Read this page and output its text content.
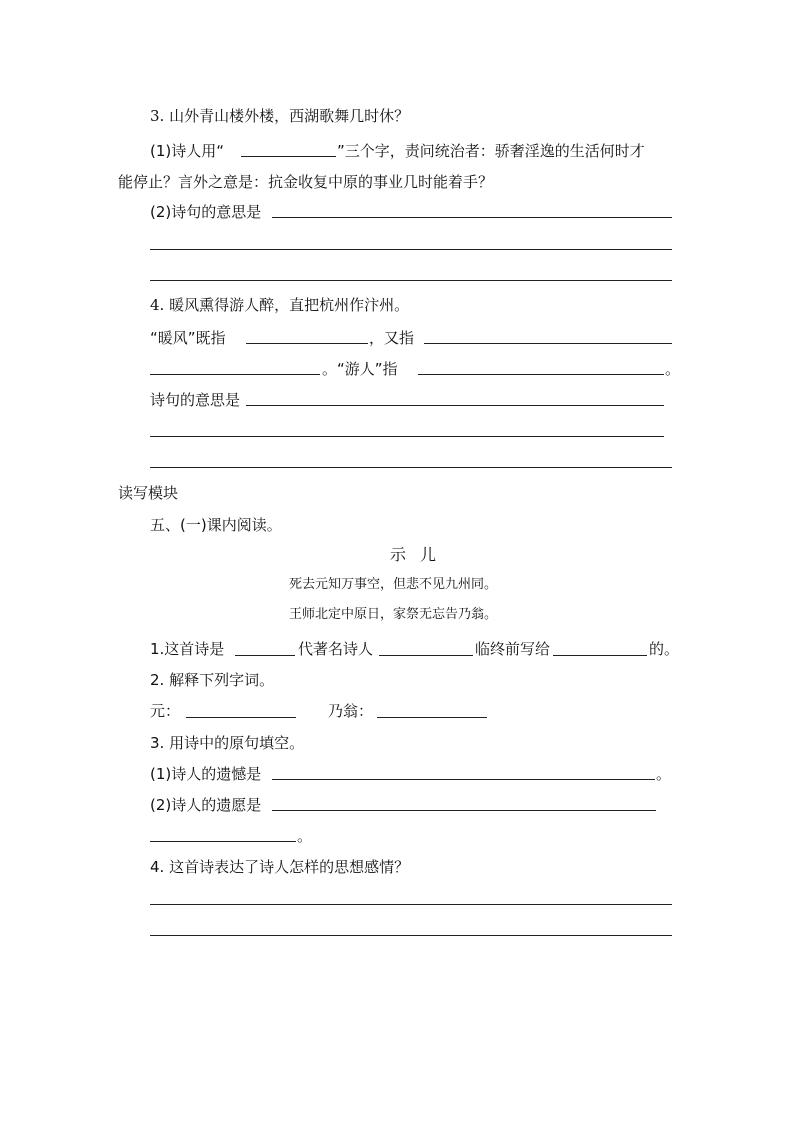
3. 山外青山楼外楼，西湖歌舞几时休？
(1)诗人用“	”三个字，责问统治者：骄奢淫逸的生活何时才
能停止？言外之意是：抗金收复中原的事业几时能着手？
(2)诗句的意思是
4. 暖风熏得游人醉，直把杭州作汴州。
“暖风”既指	，又指
。“游人”指	。
诗句的意思是
读写模块
五、(一)课内阅读。
示儿
死去元知万事空，但悲不见九州同。
王师北定中原日，家祭无忘告乃翁。
1.这首诗是	代著名诗人	临终前写给	的。
2. 解释下列字词。
元：	乃翁：
3. 用诗中的原句填空。
(1)诗人的遗憾是	。
(2)诗人的遗愿是
。
4. 这首诗表达了诗人怎样的思想感情？
